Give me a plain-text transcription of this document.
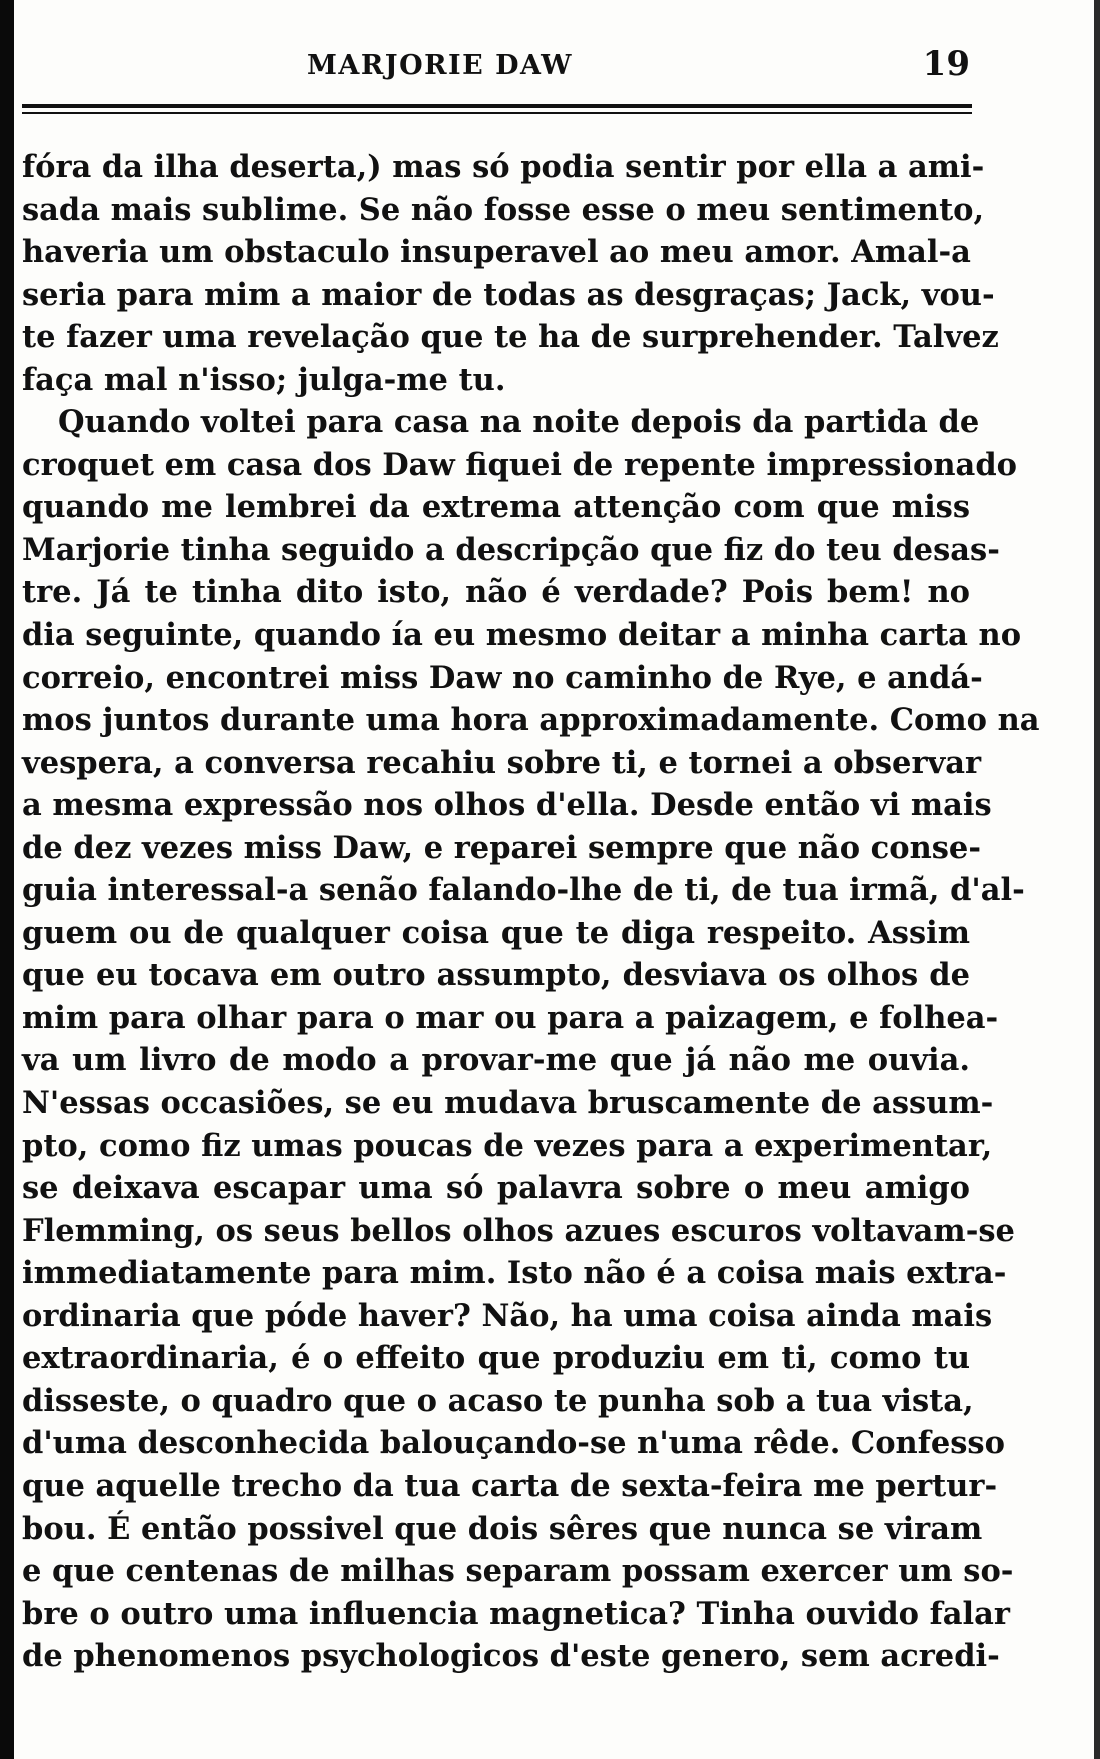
MARJORIE DAW	19
fóra da ilha deserta,) mas só podia sentir por ella a ami-
sada mais sublime. Se não fosse esse o meu sentimento,
haveria um obstaculo insuperavel ao meu amor. Amal-a
seria para mim a maior de todas as desgraças; Jack, vou-
te fazer uma revelação que te ha de surprehender. Talvez
faça mal n'isso; julga-me tu.
Quando voltei para casa na noite depois da partida de
croquet em casa dos Daw fiquei de repente impressionado
quando me lembrei da extrema attenção com que miss
Marjorie tinha seguido a descripção que fiz do teu desas-
tre. Já te tinha dito isto, não é verdade? Pois bem! no
dia seguinte, quando ía eu mesmo deitar a minha carta no
correio, encontrei miss Daw no caminho de Rye, e andá-
mos juntos durante uma hora approximadamente. Como na
vespera, a conversa recahiu sobre ti, e tornei a observar
a mesma expressão nos olhos d'ella. Desde então vi mais
de dez vezes miss Daw, e reparei sempre que não conse-
guia interessal-a senão falando-lhe de ti, de tua irmã, d'al-
guem ou de qualquer coisa que te diga respeito. Assim
que eu tocava em outro assumpto, desviava os olhos de
mim para olhar para o mar ou para a paizagem, e folhea-
va um livro de modo a provar-me que já não me ouvia.
N'essas occasiões, se eu mudava bruscamente de assum-
pto, como fiz umas poucas de vezes para a experimentar,
se deixava escapar uma só palavra sobre o meu amigo
Flemming, os seus bellos olhos azues escuros voltavam-se
immediatamente para mim. Isto não é a coisa mais extra-
ordinaria que póde haver? Não, ha uma coisa ainda mais
extraordinaria, é o effeito que produziu em ti, como tu
disseste, o quadro que o acaso te punha sob a tua vista,
d'uma desconhecida balouçando-se n'uma rêde. Confesso
que aquelle trecho da tua carta de sexta-feira me pertur-
bou. É então possivel que dois sêres que nunca se viram
e que centenas de milhas separam possam exercer um so-
bre o outro uma influencia magnetica? Tinha ouvido falar
de phenomenos psychologicos d'este genero, sem acredi-
